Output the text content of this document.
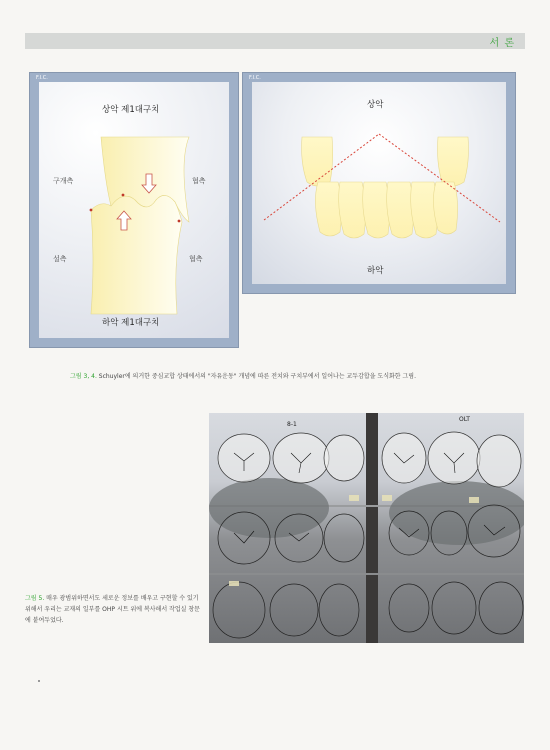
서 론
F.I.C.
상악 제1대구치
하악 제1대구치
구개측	협측
설측	협측
F.I.C.
상악
하악
그림 3, 4. Schuyler에 의거한 중심교합 상태에서의 "자유운동" 개념에 따른 전치와 구치부에서 일어나는 교두감합을 도식화한 그림.
8-1
OLT
그림 5. 매우 광범위하면서도 세로운 정보를 배우고 구현할 수 있기 위해서 우리는 교재의 일부를 OHP 시트 위에 복사해서 작업실 창문에 붙여두었다.
